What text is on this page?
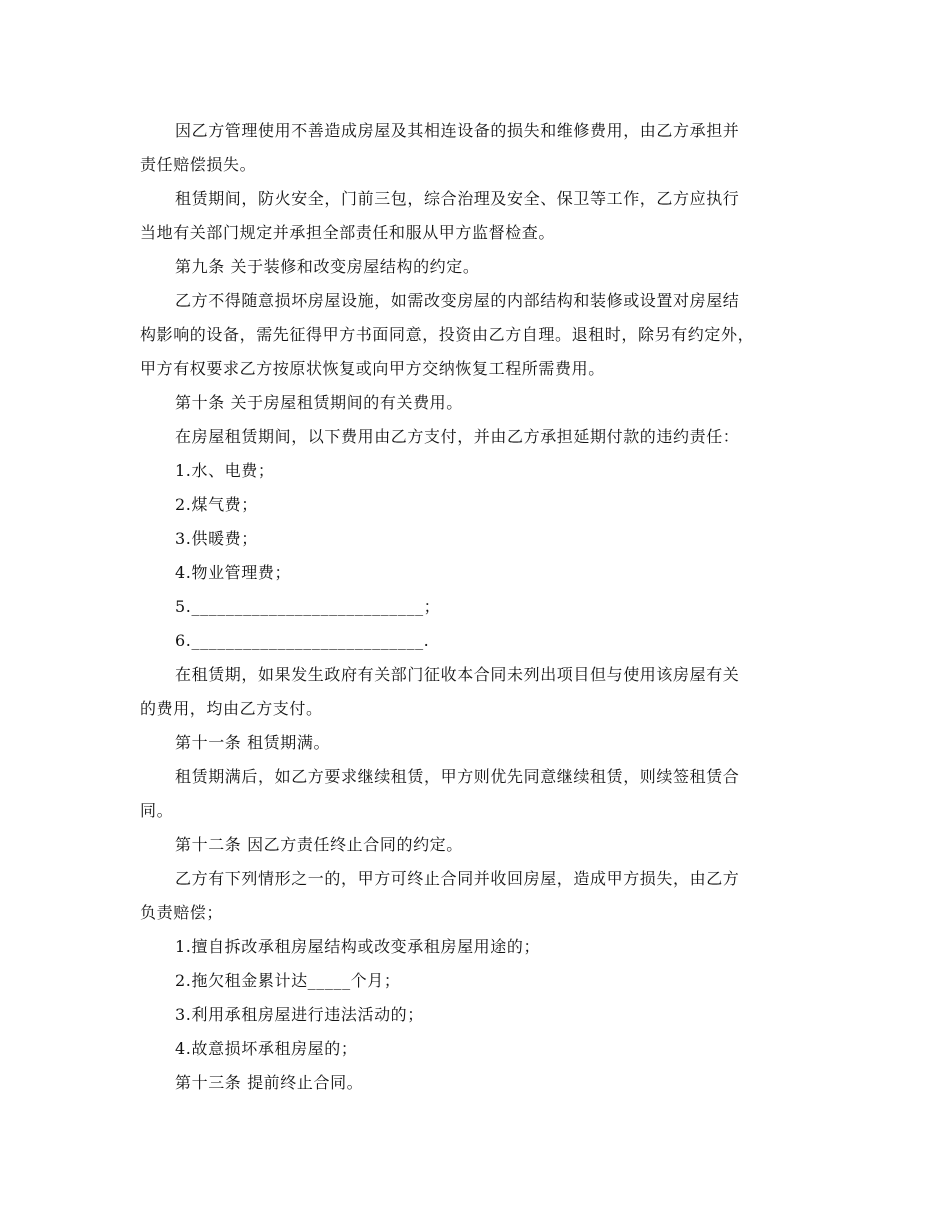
因乙方管理使用不善造成房屋及其相连设备的损失和维修费用，由乙方承担并
责任赔偿损失。
租赁期间，防火安全，门前三包，综合治理及安全、保卫等工作，乙方应执行
当地有关部门规定并承担全部责任和服从甲方监督检查。
第九条 关于装修和改变房屋结构的约定。
乙方不得随意损坏房屋设施，如需改变房屋的内部结构和装修或设置对房屋结
构影响的设备，需先征得甲方书面同意，投资由乙方自理。退租时，除另有约定外，
甲方有权要求乙方按原状恢复或向甲方交纳恢复工程所需费用。
第十条 关于房屋租赁期间的有关费用。
在房屋租赁期间，以下费用由乙方支付，并由乙方承担延期付款的违约责任：
1.水、电费；
2.煤气费；
3.供暖费；
4.物业管理费；
5.___________________________；
6.___________________________.
在租赁期，如果发生政府有关部门征收本合同未列出项目但与使用该房屋有关
的费用，均由乙方支付。
第十一条 租赁期满。
租赁期满后，如乙方要求继续租赁，甲方则优先同意继续租赁，则续签租赁合
同。
第十二条 因乙方责任终止合同的约定。
乙方有下列情形之一的，甲方可终止合同并收回房屋，造成甲方损失，由乙方
负责赔偿；
1.擅自拆改承租房屋结构或改变承租房屋用途的；
2.拖欠租金累计达_____个月；
3.利用承租房屋进行违法活动的；
4.故意损坏承租房屋的；
第十三条 提前终止合同。
